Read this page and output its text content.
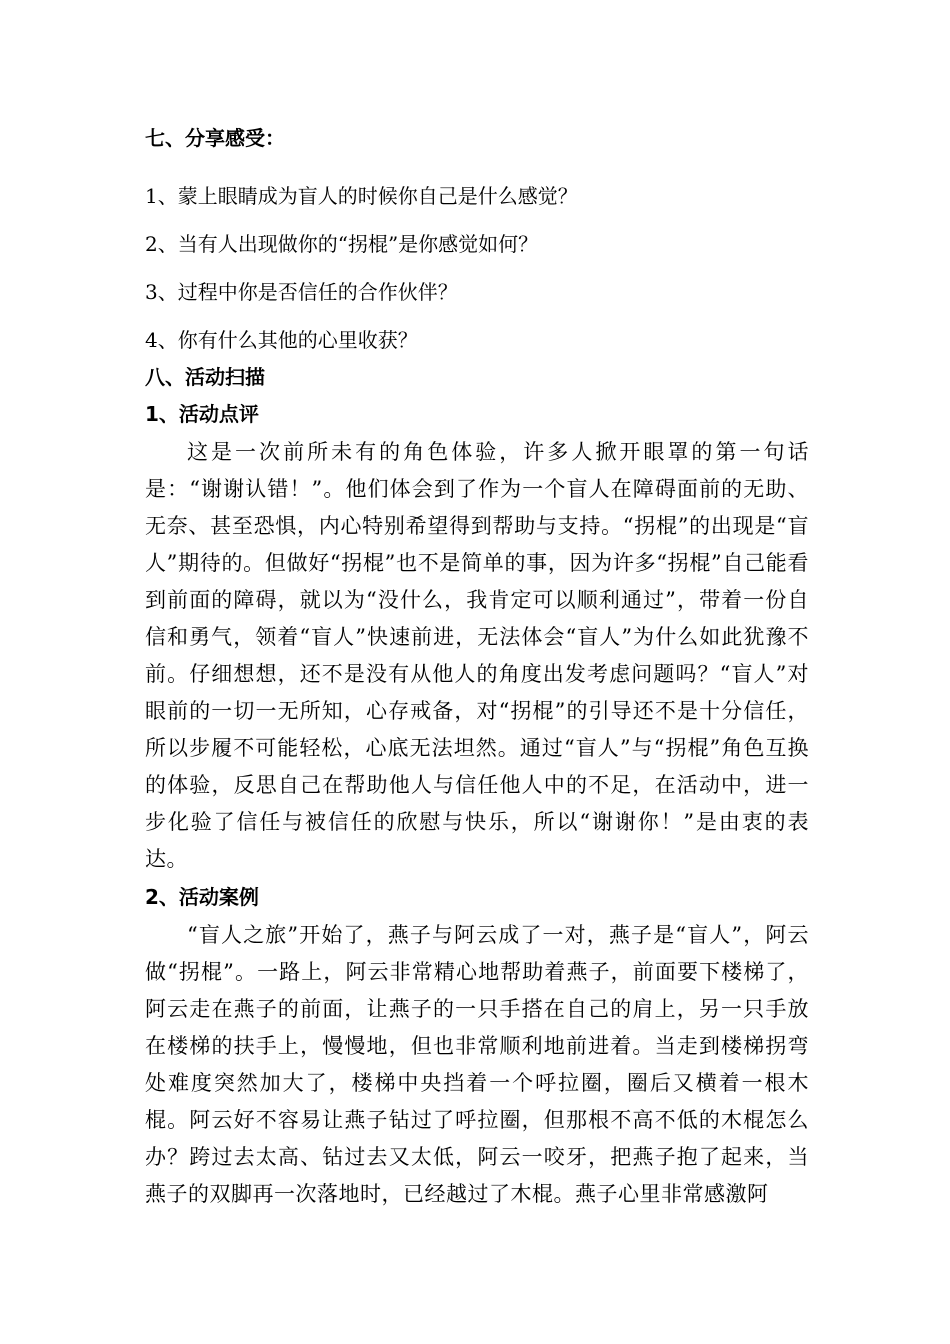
七、分享感受：
1、蒙上眼睛成为盲人的时候你自己是什么感觉？
2、当有人出现做你的“拐棍”是你感觉如何？
3、过程中你是否信任的合作伙伴？
4、你有什么其他的心里收获？
八、活动扫描
1、活动点评
这是一次前所未有的角色体验，许多人掀开眼罩的第一句话是：“谢谢认错！”。他们体会到了作为一个盲人在障碍面前的无助、无奈、甚至恐惧，内心特别希望得到帮助与支持。“拐棍”的出现是“盲人”期待的。但做好“拐棍”也不是简单的事，因为许多“拐棍”自己能看到前面的障碍，就以为“没什么，我肯定可以顺利通过”，带着一份自信和勇气，领着“盲人”快速前进，无法体会“盲人”为什么如此犹豫不前。仔细想想，还不是没有从他人的角度出发考虑问题吗？“盲人”对眼前的一切一无所知，心存戒备，对“拐棍”的引导还不是十分信任，所以步履不可能轻松，心底无法坦然。通过“盲人”与“拐棍”角色互换的体验，反思自己在帮助他人与信任他人中的不足，在活动中，进一步化验了信任与被信任的欣慰与快乐，所以“谢谢你！”是由衷的表达。
2、活动案例
“盲人之旅”开始了，燕子与阿云成了一对，燕子是“盲人”，阿云做“拐棍”。一路上，阿云非常精心地帮助着燕子，前面要下楼梯了，阿云走在燕子的前面，让燕子的一只手搭在自己的肩上，另一只手放在楼梯的扶手上，慢慢地，但也非常顺利地前进着。当走到楼梯拐弯处难度突然加大了，楼梯中央挡着一个呼拉圈，圈后又横着一根木棍。阿云好不容易让燕子钻过了呼拉圈，但那根不高不低的木棍怎么办？跨过去太高、钻过去又太低，阿云一咬牙，把燕子抱了起来，当燕子的双脚再一次落地时，已经越过了木棍。燕子心里非常感激阿
